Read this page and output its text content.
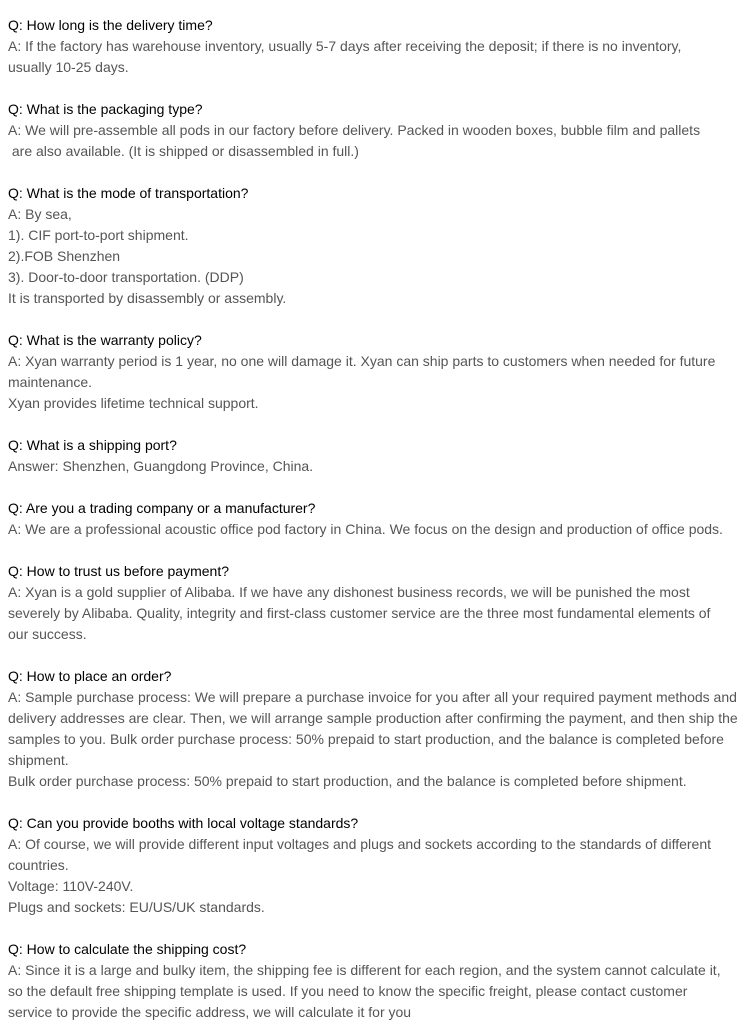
Q: How long is the delivery time?
A: If the factory has warehouse inventory, usually 5-7 days after receiving the deposit; if there is no inventory,
usually 10-25 days.
Q: What is the packaging type?
A: We will pre-assemble all pods in our factory before delivery. Packed in wooden boxes, bubble film and pallets
are also available. (It is shipped or disassembled in full.)
Q: What is the mode of transportation?
A: By sea,
1). CIF port-to-port shipment.
2).FOB Shenzhen
3). Door-to-door transportation. (DDP)
It is transported by disassembly or assembly.
Q: What is the warranty policy?
A: Xyan warranty period is 1 year, no one will damage it. Xyan can ship parts to customers when needed for future
maintenance.
Xyan provides lifetime technical support.
Q: What is a shipping port?
Answer: Shenzhen, Guangdong Province, China.
Q: Are you a trading company or a manufacturer?
A: We are a professional acoustic office pod factory in China. We focus on the design and production of office pods.
Q: How to trust us before payment?
A: Xyan is a gold supplier of Alibaba. If we have any dishonest business records, we will be punished the most
severely by Alibaba. Quality, integrity and first-class customer service are the three most fundamental elements of
our success.
Q: How to place an order?
A: Sample purchase process: We will prepare a purchase invoice for you after all your required payment methods and
delivery addresses are clear. Then, we will arrange sample production after confirming the payment, and then ship the
samples to you. Bulk order purchase process: 50% prepaid to start production, and the balance is completed before
shipment.
Bulk order purchase process: 50% prepaid to start production, and the balance is completed before shipment.
Q: Can you provide booths with local voltage standards?
A: Of course, we will provide different input voltages and plugs and sockets according to the standards of different
countries.
Voltage: 110V-240V.
Plugs and sockets: EU/US/UK standards.
Q: How to calculate the shipping cost?
A: Since it is a large and bulky item, the shipping fee is different for each region, and the system cannot calculate it,
so the default free shipping template is used. If you need to know the specific freight, please contact customer
service to provide the specific address, we will calculate it for you
